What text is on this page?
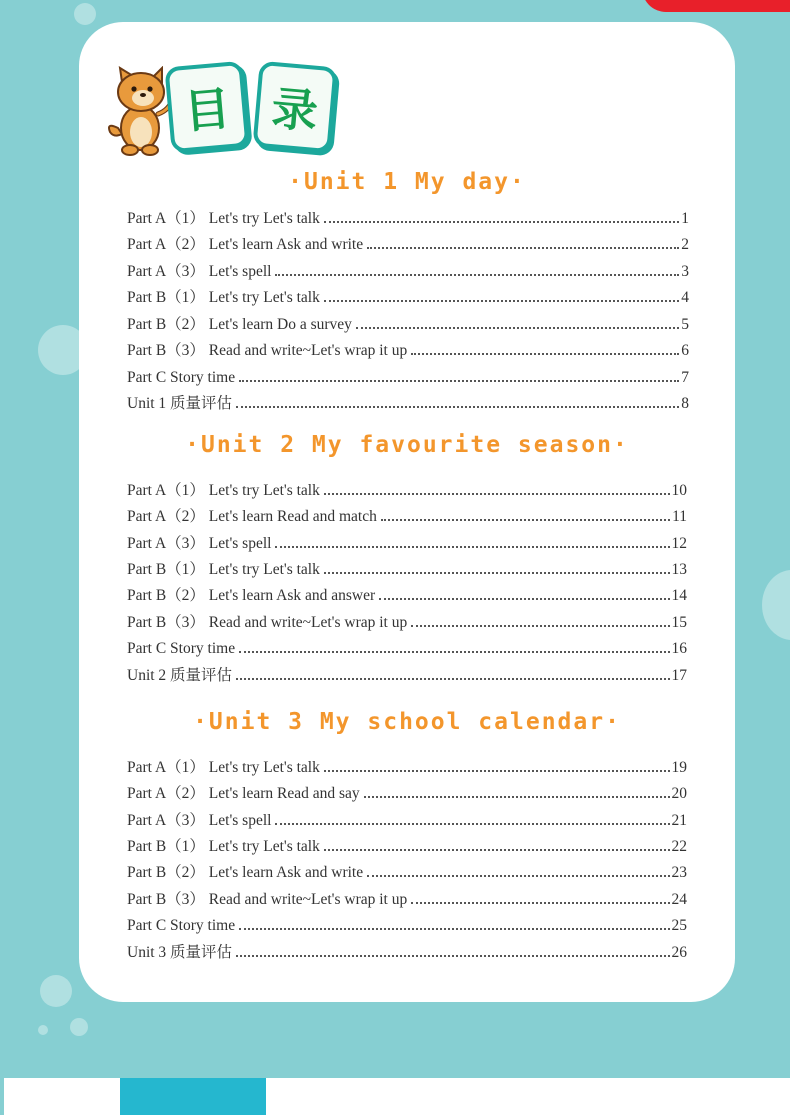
目 录
·Unit 1 My day·
Part A（1） Let's try Let's talk	1
Part A（2） Let's learn Ask and write	2
Part A（3） Let's spell	3
Part B（1） Let's try Let's talk	4
Part B（2） Let's learn Do a survey	5
Part B（3） Read and write~Let's wrap it up	6
Part C Story time	7
Unit 1 质量评估	8
·Unit 2 My favourite season·
Part A（1） Let's try Let's talk	10
Part A（2） Let's learn Read and match	11
Part A（3） Let's spell	12
Part B（1） Let's try Let's talk	13
Part B（2） Let's learn Ask and answer	14
Part B（3） Read and write~Let's wrap it up	15
Part C Story time	16
Unit 2 质量评估	17
·Unit 3 My school calendar·
Part A（1） Let's try Let's talk	19
Part A（2） Let's learn Read and say	20
Part A（3） Let's spell	21
Part B（1） Let's try Let's talk	22
Part B（2） Let's learn Ask and write	23
Part B（3） Read and write~Let's wrap it up	24
Part C Story time	25
Unit 3 质量评估	26
